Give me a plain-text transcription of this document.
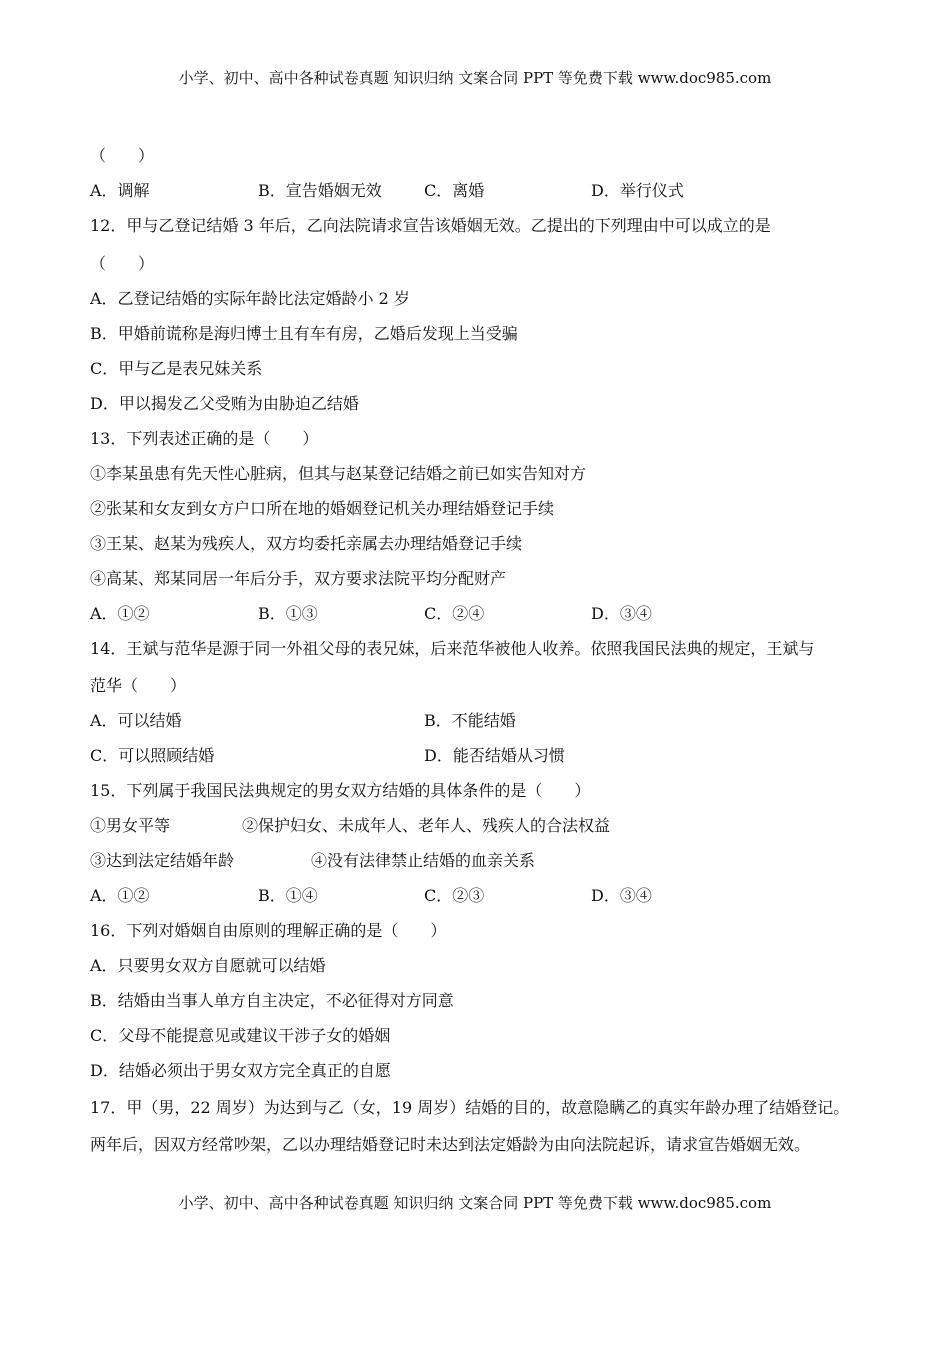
小学、初中、高中各种试卷真题 知识归纳 文案合同 PPT 等免费下载 www.doc985.com
（　　）
A．调解	B．宣告婚姻无效	C．离婚	D．举行仪式
12．甲与乙登记结婚 3 年后，乙向法院请求宣告该婚姻无效。乙提出的下列理由中可以成立的是
（　　）
A．乙登记结婚的实际年龄比法定婚龄小 2 岁
B．甲婚前谎称是海归博士且有车有房，乙婚后发现上当受骗
C．甲与乙是表兄妹关系
D．甲以揭发乙父受贿为由胁迫乙结婚
13．下列表述正确的是（　　）
①李某虽患有先天性心脏病，但其与赵某登记结婚之前已如实告知对方
②张某和女友到女方户口所在地的婚姻登记机关办理结婚登记手续
③王某、赵某为残疾人，双方均委托亲属去办理结婚登记手续
④高某、郑某同居一年后分手，双方要求法院平均分配财产
A．①②	B．①③	C．②④	D．③④
14．王斌与范华是源于同一外祖父母的表兄妹，后来范华被他人收养。依照我国民法典的规定，王斌与
范华（　　）
A．可以结婚	B．不能结婚
C．可以照顾结婚	D．能否结婚从习惯
15．下列属于我国民法典规定的男女双方结婚的具体条件的是（　　）
①男女平等	②保护妇女、未成年人、老年人、残疾人的合法权益
③达到法定结婚年龄	④没有法律禁止结婚的血亲关系
A．①②	B．①④	C．②③	D．③④
16．下列对婚姻自由原则的理解正确的是（　　）
A．只要男女双方自愿就可以结婚
B．结婚由当事人单方自主决定，不必征得对方同意
C．父母不能提意见或建议干涉子女的婚姻
D．结婚必须出于男女双方完全真正的自愿
17．甲（男，22 周岁）为达到与乙（女，19 周岁）结婚的目的，故意隐瞒乙的真实年龄办理了结婚登记。
两年后，因双方经常吵架，乙以办理结婚登记时未达到法定婚龄为由向法院起诉，请求宣告婚姻无效。
小学、初中、高中各种试卷真题 知识归纳 文案合同 PPT 等免费下载 www.doc985.com
